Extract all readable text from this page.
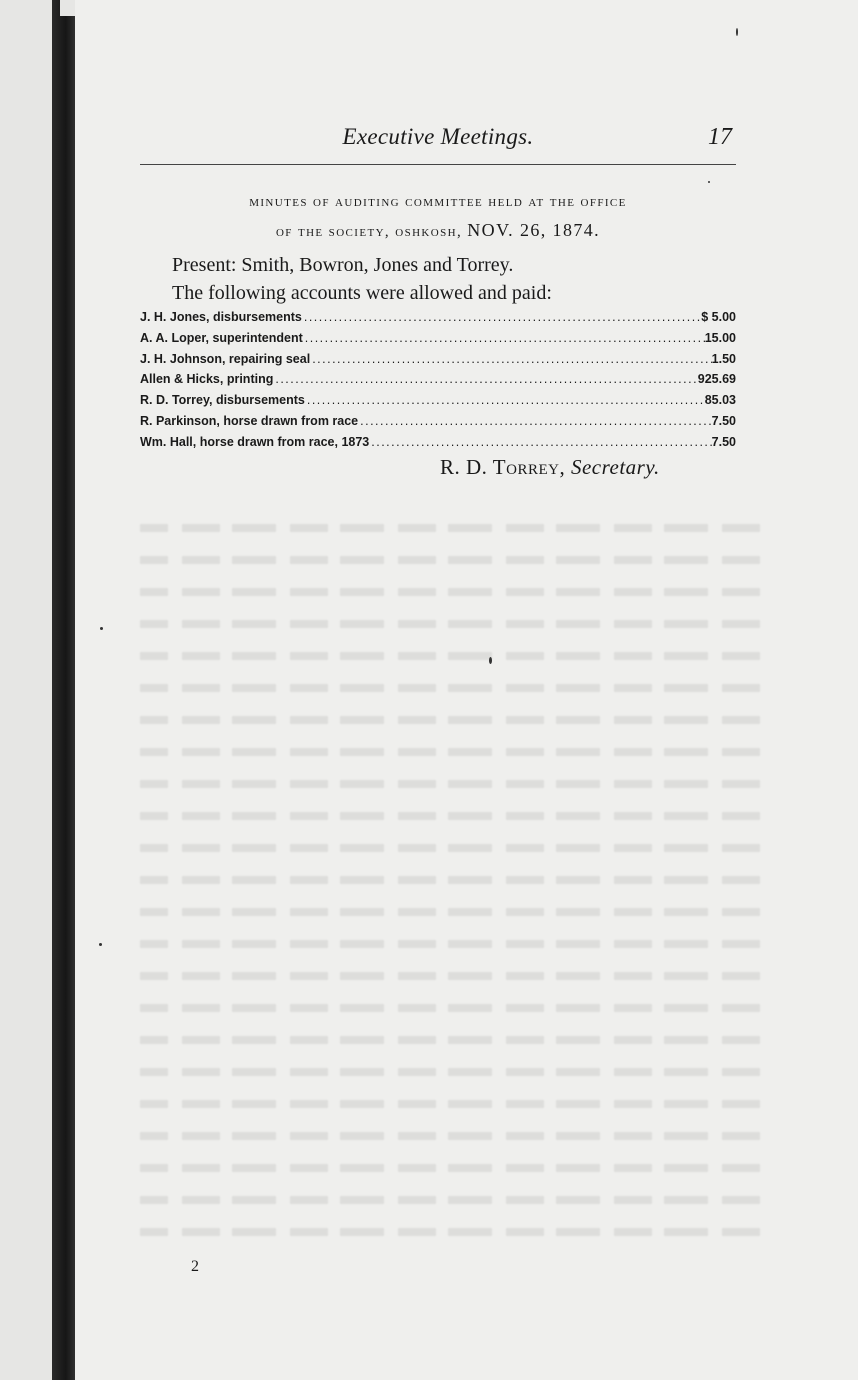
Executive Meetings.	17
minutes of auditing committee held at the office
of the society, oshkosh, NOV. 26, 1874.
Present: Smith, Bowron, Jones and Torrey.
The following accounts were allowed and paid:
J. H. Jones, disbursements .....	$ 5.00
A. A. Loper, superintendent .....	15.00
J. H. Johnson, repairing seal .....	1.50
Allen & Hicks, printing .....	925.69
R. D. Torrey, disbursements .....	85.03
R. Parkinson, horse drawn from race .....	7.50
Wm. Hall, horse drawn from race, 1873 .....	7.50
R. D. Torrey, Secretary.
2
